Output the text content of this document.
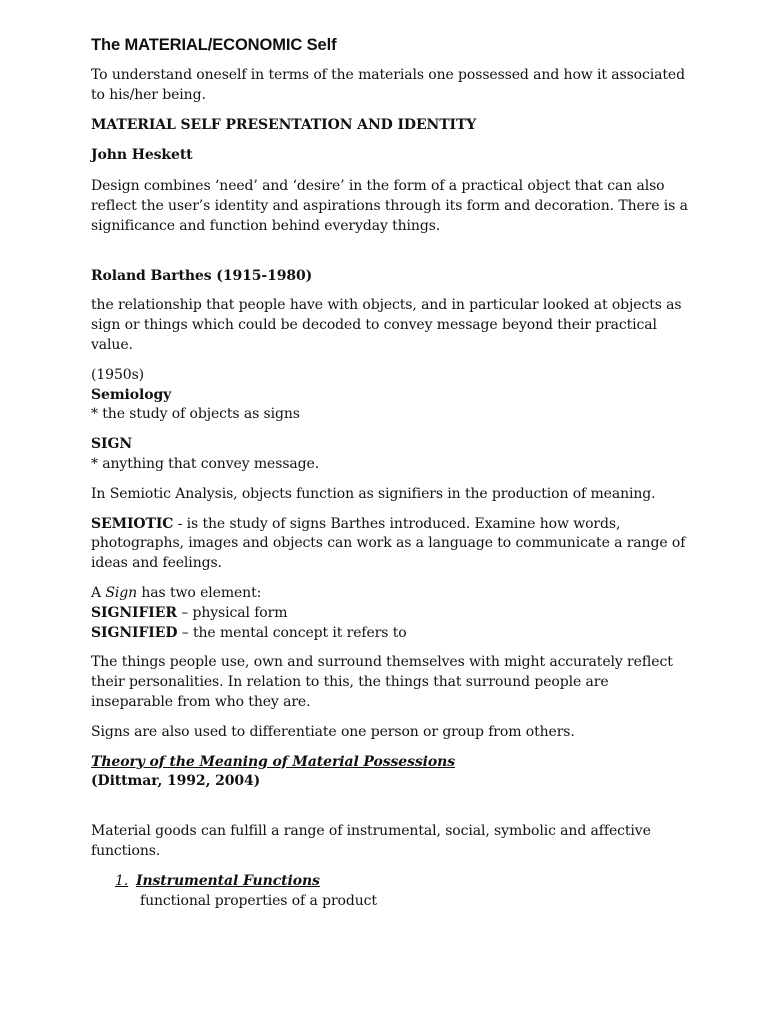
The MATERIAL/ECONOMIC Self

To understand oneself in terms of the materials one possessed and how it associated to his/her being.

MATERIAL SELF PRESENTATION AND IDENTITY

John Heskett

Design combines ‘need’ and ‘desire’ in the form of a practical object that can also reflect the user’s identity and aspirations through its form and decoration. There is a significance and function behind everyday things.

Roland Barthes (1915-1980)

the relationship that people have with objects, and in particular looked at objects as sign or things which could be decoded to convey message beyond their practical value.

(1950s)

Semiology

* the study of objects as signs

SIGN

* anything that convey message.

In Semiotic Analysis, objects function as signifiers in the production of meaning.

SEMIOTIC - is the study of signs Barthes introduced. Examine how words, photographs, images and objects can work as a language to communicate a range of ideas and feelings.

A Sign has two element:

SIGNIFIER – physical form

SIGNIFIED – the mental concept it refers to

The things people use, own and surround themselves with might accurately reflect their personalities. In relation to this, the things that surround people are inseparable from who they are.

Signs are also used to differentiate one person or group from others.

Theory of the Meaning of Material Possessions

(Dittmar, 1992, 2004)

Material goods can fulfill a range of instrumental, social, symbolic and affective functions.

1. Instrumental Functions

functional properties of a product
